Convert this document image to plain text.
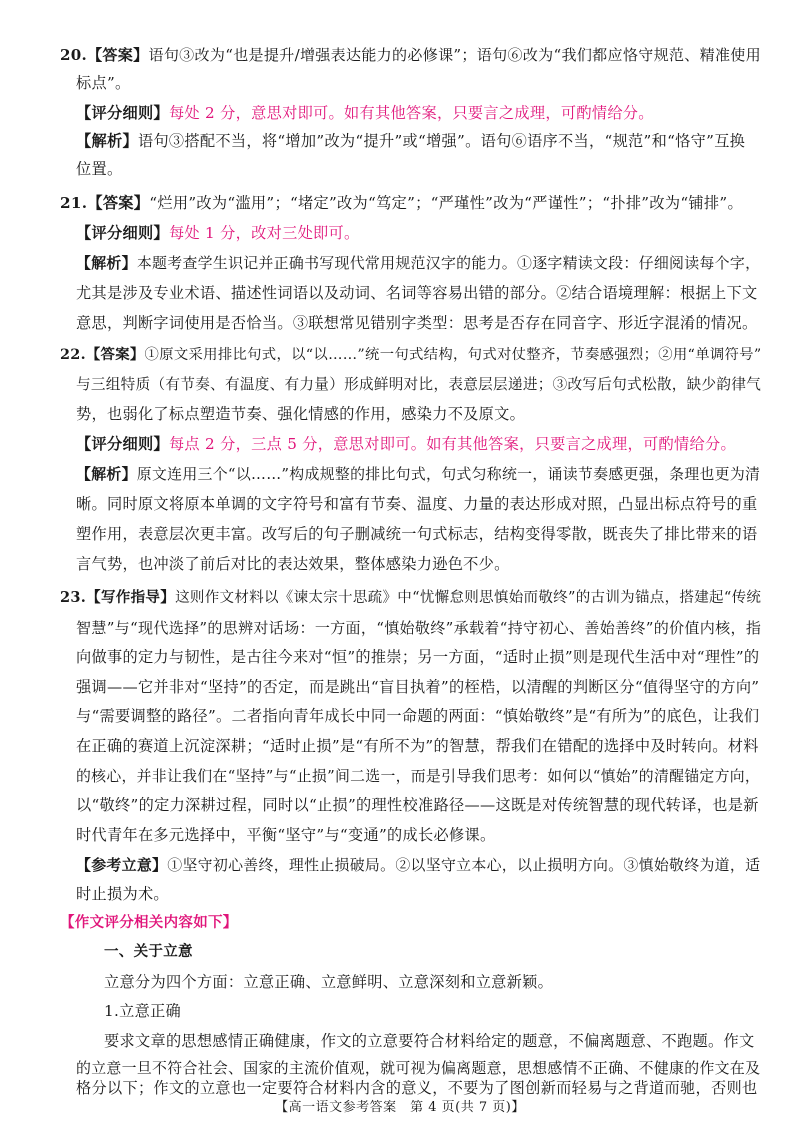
20.【答案】语句③改为“也是提升/增强表达能力的必修课”；语句⑥改为“我们都应恪守规范、精准使用
标点”。
【评分细则】每处 2 分，意思对即可。如有其他答案，只要言之成理，可酌情给分。
【解析】语句③搭配不当，将“增加”改为“提升”或“增强”。语句⑥语序不当，“规范”和“恪守”互换
位置。
21.【答案】“烂用”改为“滥用”；“堵定”改为“笃定”；“严瑾性”改为“严谨性”；“扑排”改为“铺排”。
【评分细则】每处 1 分，改对三处即可。
【解析】本题考查学生识记并正确书写现代常用规范汉字的能力。①逐字精读文段：仔细阅读每个字，
尤其是涉及专业术语、描述性词语以及动词、名词等容易出错的部分。②结合语境理解：根据上下文
意思，判断字词使用是否恰当。③联想常见错别字类型：思考是否存在同音字、形近字混淆的情况。
22.【答案】①原文采用排比句式，以“以……”统一句式结构，句式对仗整齐，节奏感强烈；②用“单调符号”
与三组特质（有节奏、有温度、有力量）形成鲜明对比，表意层层递进；③改写后句式松散，缺少韵律气
势，也弱化了标点塑造节奏、强化情感的作用，感染力不及原文。
【评分细则】每点 2 分，三点 5 分，意思对即可。如有其他答案，只要言之成理，可酌情给分。
【解析】原文连用三个“以……”构成规整的排比句式，句式匀称统一，诵读节奏感更强，条理也更为清
晰。同时原文将原本单调的文字符号和富有节奏、温度、力量的表达形成对照，凸显出标点符号的重
塑作用，表意层次更丰富。改写后的句子删减统一句式标志，结构变得零散，既丧失了排比带来的语
言气势，也冲淡了前后对比的表达效果，整体感染力逊色不少。
23.【写作指导】这则作文材料以《谏太宗十思疏》中“忧懈怠则思慎始而敬终”的古训为锚点，搭建起“传统
智慧”与“现代选择”的思辨对话场：一方面，“慎始敬终”承载着“持守初心、善始善终”的价值内核，指
向做事的定力与韧性，是古往今来对“恒”的推崇；另一方面，“适时止损”则是现代生活中对“理性”的
强调——它并非对“坚持”的否定，而是跳出“盲目执着”的桎梏，以清醒的判断区分“值得坚守的方向”
与“需要调整的路径”。二者指向青年成长中同一命题的两面：“慎始敬终”是“有所为”的底色，让我们
在正确的赛道上沉淀深耕；“适时止损”是“有所不为”的智慧，帮我们在错配的选择中及时转向。材料
的核心，并非让我们在“坚持”与“止损”间二选一，而是引导我们思考：如何以“慎始”的清醒锚定方向，
以“敬终”的定力深耕过程，同时以“止损”的理性校准路径——这既是对传统智慧的现代转译，也是新
时代青年在多元选择中，平衡“坚守”与“变通”的成长必修课。
【参考立意】①坚守初心善终，理性止损破局。②以坚守立本心，以止损明方向。③慎始敬终为道，适
时止损为术。
【作文评分相关内容如下】
一、关于立意
立意分为四个方面：立意正确、立意鲜明、立意深刻和立意新颖。
1.立意正确
要求文章的思想感情正确健康，作文的立意要符合材料给定的题意，不偏离题意、不跑题。作文
的立意一旦不符合社会、国家的主流价值观，就可视为偏离题意，思想感情不正确、不健康的作文在及
格分以下；作文的立意也一定要符合材料内含的意义，不要为了图创新而轻易与之背道而驰，否则也
【高一语文参考答案　第 4 页(共 7 页)】
